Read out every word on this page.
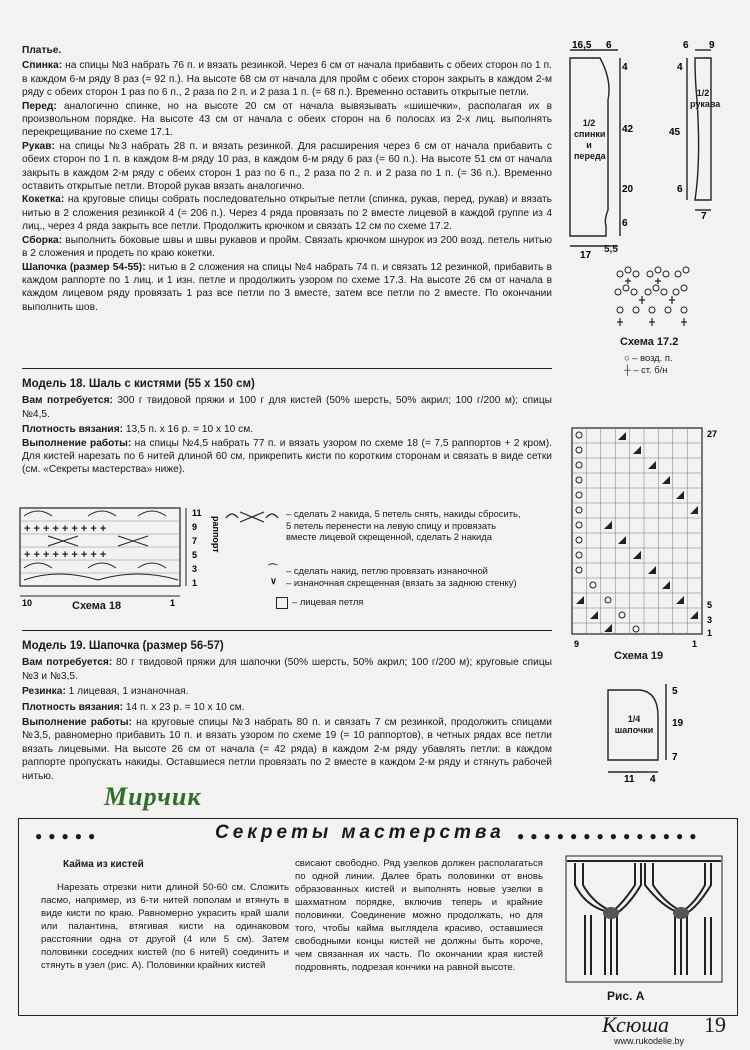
Платье.

Спинка: на спицы №3 набрать 76 п. и вязать резинкой. Через 6 см от начала прибавить с обеих сторон по 1 п. в каждом 6-м ряду 8 раз (= 92 п.). На высоте 68 см от начала для пройм с обеих сторон закрыть в каждом 2-м ряду с обеих сторон 1 раз по 6 п., 2 раза по 2 п. и 2 раза 1 п. (= 68 п.). Временно оставить открытые петли.

Перед: аналогично спинке, но на высоте 20 см от начала вывязывать «шишечки», располагая их в произвольном порядке. На высоте 43 см от начала с обеих сторон на 6 полосах из 2-х лиц. выполнять перекрещивание по схеме 17.1.

Рукав: на спицы №3 набрать 28 п. и вязать резинкой. Для расширения через 6 см от начала прибавить с обеих сторон по 1 п. в каждом 8-м ряду 10 раз, в каждом 6-м ряду 6 раз (= 60 п.). На высоте 51 см от начала закрыть в каждом 2-м ряду с обеих сторон 1 раз по 6 п., 2 раза по 2 п. и 2 раза по 1 п. (= 36 п.). Временно оставить открытые петли. Второй рукав вязать аналогично.

Кокетка: на круговые спицы собрать последовательно открытые петли (спинка, рукав, перед, рукав) и вязать нитью в 2 сложения резинкой 4 (= 206 п.). Через 4 ряда провязать по 2 вместе лицевой в каждой группе из 4 лиц., через 4 ряда закрыть все петли. Продолжить крючком и связать 12 см по схеме 17.2.

Сборка: выполнить боковые швы и швы рукавов и пройм. Связать крючком шнурок из 200 возд. петель нитью в 2 сложения и продеть по краю кокетки.

Шапочка (размер 54-55): нитью в 2 сложения на спицы №4 набрать 74 п. и связать 12 резинкой, прибавить в каждом раппорте по 1 лиц. и 1 изн. петле и продолжить узором по схеме 17.3. На высоте 26 см от начала в каждом лицевом ряду провязать 1 раз все петли по 3 вместе, затем все петли по 2 вместе. По окончании выполнить шов.

16,5 6
4
42
20
6
17
1/2 спинки и переда
5,5
6 9
4
45
6
7
1/2 рукава
Схема 17.2
○ – возд. п.
┼ – ст. б/н

Модель 18. Шаль с кистями (55 х 150 см)

Вам потребуется: 300 г твидовой пряжи и 100 г для кистей (50% шерсть, 50% акрил; 100 г/200 м); спицы №4,5.

Плотность вязания: 13,5 п. х 16 р. = 10 х 10 см.

Выполнение работы: на спицы №4,5 набрать 77 п. и вязать узором по схеме 18 (= 7,5 раппортов + 2 кром). Для кистей нарезать по 6 нитей длиной 60 см, прикрепить кисти по коротким сторонам и связать в виде сетки (см. «Секреты мастерства» ниже).

+ + + + + + + + +
+ + + + + + + + +
11
9
7
5
3
1
10	1
раппорт
Схема 18
– сделать 2 накида, 5 петель снять, накиды сбросить, 5 петель перенести на левую спицу и провязать вместе лицевой скрещенной, сделать 2 накида
⌒ – сделать накид, петлю провязать изнаночной
∨ – изнаночная скрещенная (вязать за заднюю стенку)
– лицевая петля
27
5
3
1
9	1
Схема 19

Модель 19. Шапочка (размер 56-57)

Вам потребуется: 80 г твидовой пряжи для шапочки (50% шерсть, 50% акрил; 100 г/200 м); круговые спицы №3 и №3,5.

Резинка: 1 лицевая, 1 изнаночная.

Плотность вязания: 14 п. х 23 р. = 10 х 10 см.

Выполнение работы: на круговые спицы №3 набрать 80 п. и связать 7 см резинкой, продолжить спицами №3,5, равномерно прибавить 10 п. и вязать узором по схеме 19 (= 10 раппортов), в четных рядах все петли вязать лицевыми. На высоте 26 см от начала (= 42 ряда) в каждом 2-м ряду убавлять петли: в каждом раппорте пропускать накиды. Оставшиеся петли провязать по 2 вместе в каждом 2-м ряду и стянуть рабочей нитью.

5
19
7
11 4
1/4 шапочки
Мирчик
●●●●●	Секреты мастерства ●●●●●●●●●●●●●●
Кайма из кистей
Нарезать отрезки нити длиной 50-60 см. Сложить пасмо, например, из 6-ти нитей пополам и втянуть в виде кисти по краю. Равномерно украсить край шали или палантина, втягивая кисти на одинаковом расстоянии одна от другой (4 или 5 см). Затем половинки соседних кистей (по 6 нитей) соединить и стянуть в узел (рис. А). Половинки крайних кистей
свисают свободно. Ряд узелков должен располагаться по одной линии. Далее брать половинки от вновь образованных кистей и выполнять новые узелки в шахматном порядке, включив теперь и крайние половинки. Соединение можно продолжать, но для того, чтобы кайма выглядела красиво, оставшиеся свободными концы кистей не должны быть короче, чем связанная их часть. По окончании края кистей подровнять, подрезая кончики на равной высоте.
Рис. А
Ксюша 19
www.rukodelie.by
